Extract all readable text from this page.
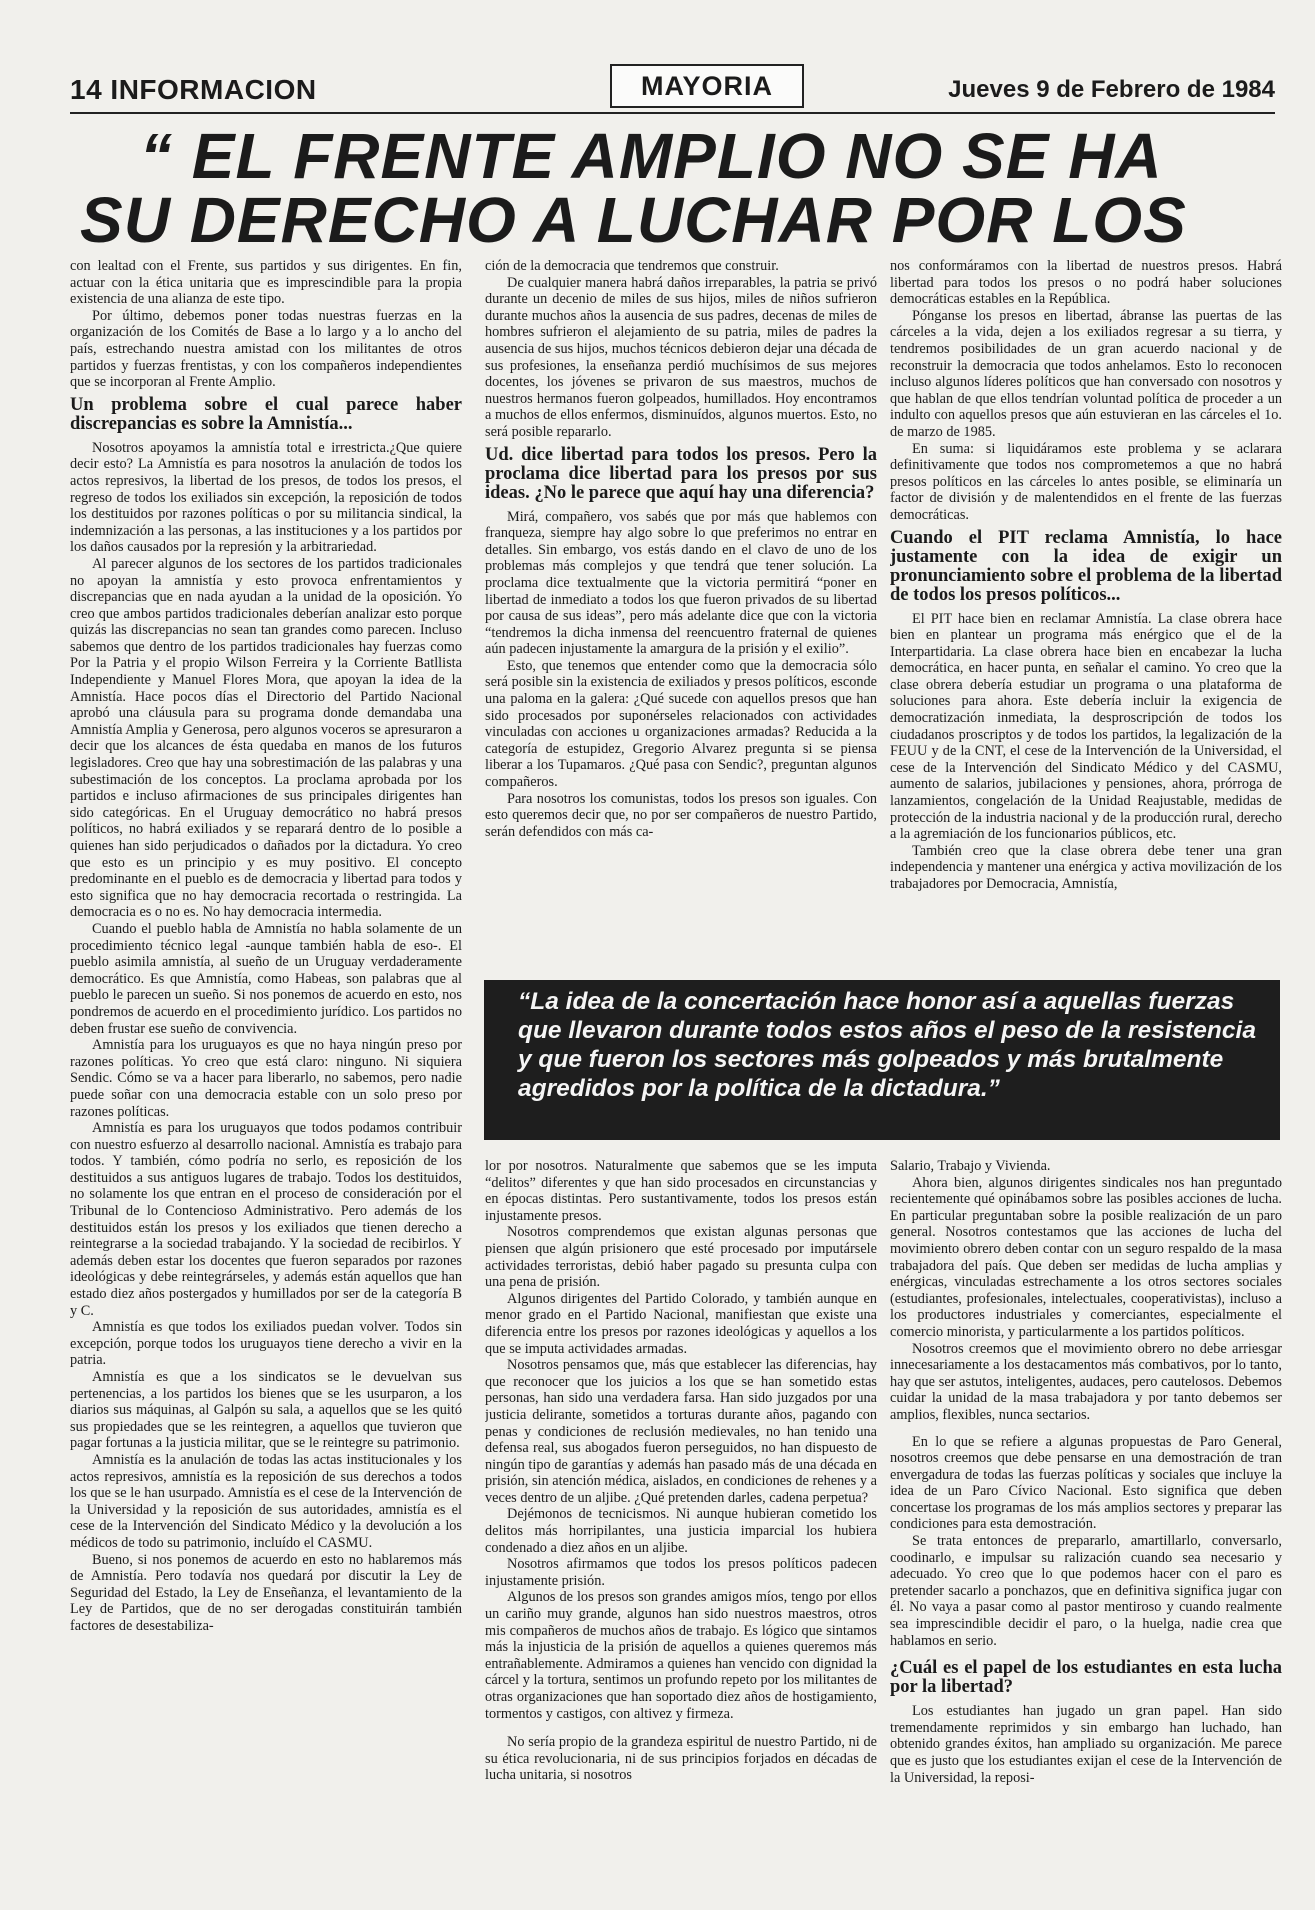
14 INFORMACION	MAYORIA	Jueves 9 de Febrero de 1984
“ EL FRENTE AMPLIO NO SE HA
SU DERECHO A LUCHAR POR LOS

con lealtad con el Frente, sus partidos y sus dirigentes. En fin, actuar con la ética unitaria que es imprescindible para la propia existencia de una alianza de este tipo.

Por último, debemos poner todas nuestras fuerzas en la organización de los Comités de Base a lo largo y a lo ancho del país, estrechando nuestra amistad con los militantes de otros partidos y fuerzas frentistas, y con los compañeros independientes que se incorporan al Frente Amplio.

Un problema sobre el cual parece haber discrepancias es sobre la Amnistía...

Nosotros apoyamos la amnistía total e irrestricta.¿Que quiere decir esto? La Amnistía es para nosotros la anulación de todos los actos represivos, la libertad de los presos, de todos los presos, el regreso de todos los exiliados sin excepción, la reposición de todos los destituidos por razones políticas o por su militancia sindical, la indemnización a las personas, a las instituciones y a los partidos por los daños causados por la represión y la arbitrariedad.

Al parecer algunos de los sectores de los partidos tradicionales no apoyan la amnistía y esto provoca enfrentamientos y discrepancias que en nada ayudan a la unidad de la oposición. Yo creo que ambos partidos tradicionales deberían analizar esto porque quizás las discrepancias no sean tan grandes como parecen. Incluso sabemos que dentro de los partidos tradicionales hay fuerzas como Por la Patria y el propio Wilson Ferreira y la Corriente Batllista Independiente y Manuel Flores Mora, que apoyan la idea de la Amnistía. Hace pocos días el Directorio del Partido Nacional aprobó una cláusula para su programa donde demandaba una Amnistía Amplia y Generosa, pero algunos voceros se apresuraron a decir que los alcances de ésta quedaba en manos de los futuros legisladores. Creo que hay una sobrestimación de las palabras y una subestimación de los conceptos. La proclama aprobada por los partidos e incluso afirmaciones de sus principales dirigentes han sido categóricas. En el Uruguay democrático no habrá presos políticos, no habrá exiliados y se reparará dentro de lo posible a quienes han sido perjudicados o dañados por la dictadura. Yo creo que esto es un principio y es muy positivo. El concepto predominante en el pueblo es de democracia y libertad para todos y esto significa que no hay democracia recortada o restringida. La democracia es o no es. No hay democracia intermedia.

Cuando el pueblo habla de Amnistía no habla solamente de un procedimiento técnico legal -aunque también habla de eso-. El pueblo asimila amnistía, al sueño de un Uruguay verdaderamente democrático. Es que Amnistía, como Habeas, son palabras que al pueblo le parecen un sueño. Si nos ponemos de acuerdo en esto, nos pondremos de acuerdo en el procedimiento jurídico. Los partidos no deben frustar ese sueño de convivencia.

Amnistía para los uruguayos es que no haya ningún preso por razones políticas. Yo creo que está claro: ninguno. Ni siquiera Sendic. Cómo se va a hacer para liberarlo, no sabemos, pero nadie puede soñar con una democracia estable con un solo preso por razones políticas.

Amnistía es para los uruguayos que todos podamos contribuir con nuestro esfuerzo al desarrollo nacional. Amnistía es trabajo para todos. Y también, cómo podría no serlo, es reposición de los destituidos a sus antiguos lugares de trabajo. Todos los destituidos, no solamente los que entran en el proceso de consideración por el Tribunal de lo Contencioso Administrativo. Pero además de los destituidos están los presos y los exiliados que tienen derecho a reintegrarse a la sociedad trabajando. Y la sociedad de recibirlos. Y además deben estar los docentes que fueron separados por razones ideológicas y debe reintegrárseles, y además están aquellos que han estado diez años postergados y humillados por ser de la categoría B y C.

Amnistía es que todos los exiliados puedan volver. Todos sin excepción, porque todos los uruguayos tiene derecho a vivir en la patria.

Amnistía es que a los sindicatos se le devuelvan sus pertenencias, a los partidos los bienes que se les usurparon, a los diarios sus máquinas, al Galpón su sala, a aquellos que se les quitó sus propiedades que se les reintegren, a aquellos que tuvieron que pagar fortunas a la justicia militar, que se le reintegre su patrimonio.

Amnistía es la anulación de todas las actas institucionales y los actos represivos, amnistía es la reposición de sus derechos a todos los que se le han usurpado. Amnistía es el cese de la Intervención de la Universidad y la reposición de sus autoridades, amnistía es el cese de la Intervención del Sindicato Médico y la devolución a los médicos de todo su patrimonio, incluído el CASMU.

Bueno, si nos ponemos de acuerdo en esto no hablaremos más de Amnistía. Pero todavía nos quedará por discutir la Ley de Seguridad del Estado, la Ley de Enseñanza, el levantamiento de la Ley de Partidos, que de no ser derogadas constituirán también factores de desestabiliza-

ción de la democracia que tendremos que construir.

De cualquier manera habrá daños irreparables, la patria se privó durante un decenio de miles de sus hijos, miles de niños sufrieron durante muchos años la ausencia de sus padres, decenas de miles de hombres sufrieron el alejamiento de su patria, miles de padres la ausencia de sus hijos, muchos técnicos debieron dejar una década de sus profesiones, la enseñanza perdió muchísimos de sus mejores docentes, los jóvenes se privaron de sus maestros, muchos de nuestros hermanos fueron golpeados, humillados. Hoy encontramos a muchos de ellos enfermos, disminuídos, algunos muertos. Esto, no será posible repararlo.

Ud. dice libertad para todos los presos. Pero la proclama dice libertad para los presos por sus ideas. ¿No le parece que aquí hay una diferencia?

Mirá, compañero, vos sabés que por más que hablemos con franqueza, siempre hay algo sobre lo que preferimos no entrar en detalles. Sin embargo, vos estás dando en el clavo de uno de los problemas más complejos y que tendrá que tener solución. La proclama dice textualmente que la victoria permitirá “poner en libertad de inmediato a todos los que fueron privados de su libertad por causa de sus ideas”, pero más adelante dice que con la victoria “tendremos la dicha inmensa del reencuentro fraternal de quienes aún padecen injustamente la amargura de la prisión y el exilio”.

Esto, que tenemos que entender como que la democracia sólo será posible sin la existencia de exiliados y presos políticos, esconde una paloma en la galera: ¿Qué sucede con aquellos presos que han sido procesados por suponérseles relacionados con actividades vinculadas con acciones u organizaciones armadas? Reducida a la categoría de estupidez, Gregorio Alvarez pregunta si se piensa liberar a los Tupamaros. ¿Qué pasa con Sendic?, preguntan algunos compañeros.

Para nosotros los comunistas, todos los presos son iguales. Con esto queremos decir que, no por ser compañeros de nuestro Partido, serán defendidos con más ca-

nos conformáramos con la libertad de nuestros presos. Habrá libertad para todos los presos o no podrá haber soluciones democráticas estables en la República.

Pónganse los presos en libertad, ábranse las puertas de las cárceles a la vida, dejen a los exiliados regresar a su tierra, y tendremos posibilidades de un gran acuerdo nacional y de reconstruir la democracia que todos anhelamos. Esto lo reconocen incluso algunos líderes políticos que han conversado con nosotros y que hablan de que ellos tendrían voluntad política de proceder a un indulto con aquellos presos que aún estuvieran en las cárceles el 1o. de marzo de 1985.

En suma: si liquidáramos este problema y se aclarara definitivamente que todos nos comprometemos a que no habrá presos políticos en las cárceles lo antes posible, se eliminaría un factor de división y de malentendidos en el frente de las fuerzas democráticas.

Cuando el PIT reclama Amnistía, lo hace justamente con la idea de exigir un pronunciamiento sobre el problema de la libertad de todos los presos políticos...

El PIT hace bien en reclamar Amnistía. La clase obrera hace bien en plantear un programa más enérgico que el de la Interpartidaria. La clase obrera hace bien en encabezar la lucha democrática, en hacer punta, en señalar el camino. Yo creo que la clase obrera debería estudiar un programa o una plataforma de soluciones para ahora. Este debería incluir la exigencia de democratización inmediata, la desproscripción de todos los ciudadanos proscriptos y de todos los partidos, la legalización de la FEUU y de la CNT, el cese de la Intervención de la Universidad, el cese de la Intervención del Sindicato Médico y del CASMU, aumento de salarios, jubilaciones y pensiones, ahora, prórroga de lanzamientos, congelación de la Unidad Reajustable, medidas de protección de la industria nacional y de la producción rural, derecho a la agremiación de los funcionarios públicos, etc.

También creo que la clase obrera debe tener una gran independencia y mantener una enérgica y activa movilización de los trabajadores por Democracia, Amnistía,

“La idea de la concertación hace honor así a aquellas fuerzas que llevaron durante todos estos años el peso de la resistencia y que fueron los sectores más golpeados y más brutalmente agredidos por la política de la dictadura.”

lor por nosotros. Naturalmente que sabemos que se les imputa “delitos” diferentes y que han sido procesados en circunstancias y en épocas distintas. Pero sustantivamente, todos los presos están injustamente presos.

Nosotros comprendemos que existan algunas personas que piensen que algún prisionero que esté procesado por imputársele actividades terroristas, debió haber pagado su presunta culpa con una pena de prisión.

Algunos dirigentes del Partido Colorado, y también aunque en menor grado en el Partido Nacional, manifiestan que existe una diferencia entre los presos por razones ideológicas y aquellos a los que se imputa actividades armadas.

Nosotros pensamos que, más que establecer las diferencias, hay que reconocer que los juicios a los que se han sometido estas personas, han sido una verdadera farsa. Han sido juzgados por una justicia delirante, sometidos a torturas durante años, pagando con penas y condiciones de reclusión medievales, no han tenido una defensa real, sus abogados fueron perseguidos, no han dispuesto de ningún tipo de garantías y además han pasado más de una década en prisión, sin atención médica, aislados, en condiciones de rehenes y a veces dentro de un aljibe. ¿Qué pretenden darles, cadena perpetua?

Dejémonos de tecnicismos. Ni aunque hubieran cometido los delitos más horripilantes, una justicia imparcial los hubiera condenado a diez años en un aljibe.

Nosotros afirmamos que todos los presos políticos padecen injustamente prisión.

Algunos de los presos son grandes amigos míos, tengo por ellos un cariño muy grande, algunos han sido nuestros maestros, otros mis compañeros de muchos años de trabajo. Es lógico que sintamos más la injusticia de la prisión de aquellos a quienes queremos más entrañablemente. Admiramos a quienes han vencido con dignidad la cárcel y la tortura, sentimos un profundo repeto por los militantes de otras organizaciones que han soportado diez años de hostigamiento, tormentos y castigos, con altivez y firmeza.

No sería propio de la grandeza espiritul de nuestro Partido, ni de su ética revolucionaria, ni de sus principios forjados en décadas de lucha unitaria, si nosotros

Salario, Trabajo y Vivienda.

Ahora bien, algunos dirigentes sindicales nos han preguntado recientemente qué opinábamos sobre las posibles acciones de lucha. En particular preguntaban sobre la posible realización de un paro general. Nosotros contestamos que las acciones de lucha del movimiento obrero deben contar con un seguro respaldo de la masa trabajadora del país. Que deben ser medidas de lucha amplias y enérgicas, vinculadas estrechamente a los otros sectores sociales (estudiantes, profesionales, intelectuales, cooperativistas), incluso a los productores industriales y comerciantes, especialmente el comercio minorista, y particularmente a los partidos políticos.

Nosotros creemos que el movimiento obrero no debe arriesgar innecesariamente a los destacamentos más combativos, por lo tanto, hay que ser astutos, inteligentes, audaces, pero cautelosos. Debemos cuidar la unidad de la masa trabajadora y por tanto debemos ser amplios, flexibles, nunca sectarios.

En lo que se refiere a algunas propuestas de Paro General, nosotros creemos que debe pensarse en una demostración de tran envergadura de todas las fuerzas políticas y sociales que incluye la idea de un Paro Cívico Nacional. Esto significa que deben concertase los programas de los más amplios sectores y preparar las condiciones para esta demostración.

Se trata entonces de prepararlo, amartillarlo, conversarlo, coodinarlo, e impulsar su ralización cuando sea necesario y adecuado. Yo creo que lo que podemos hacer con el paro es pretender sacarlo a ponchazos, que en definitiva significa jugar con él. No vaya a pasar como al pastor mentiroso y cuando realmente sea imprescindible decidir el paro, o la huelga, nadie crea que hablamos en serio.

¿Cuál es el papel de los estudiantes en esta lucha por la libertad?

Los estudiantes han jugado un gran papel. Han sido tremendamente reprimidos y sin embargo han luchado, han obtenido grandes éxitos, han ampliado su organización. Me parece que es justo que los estudiantes exijan el cese de la Intervención de la Universidad, la reposi-
